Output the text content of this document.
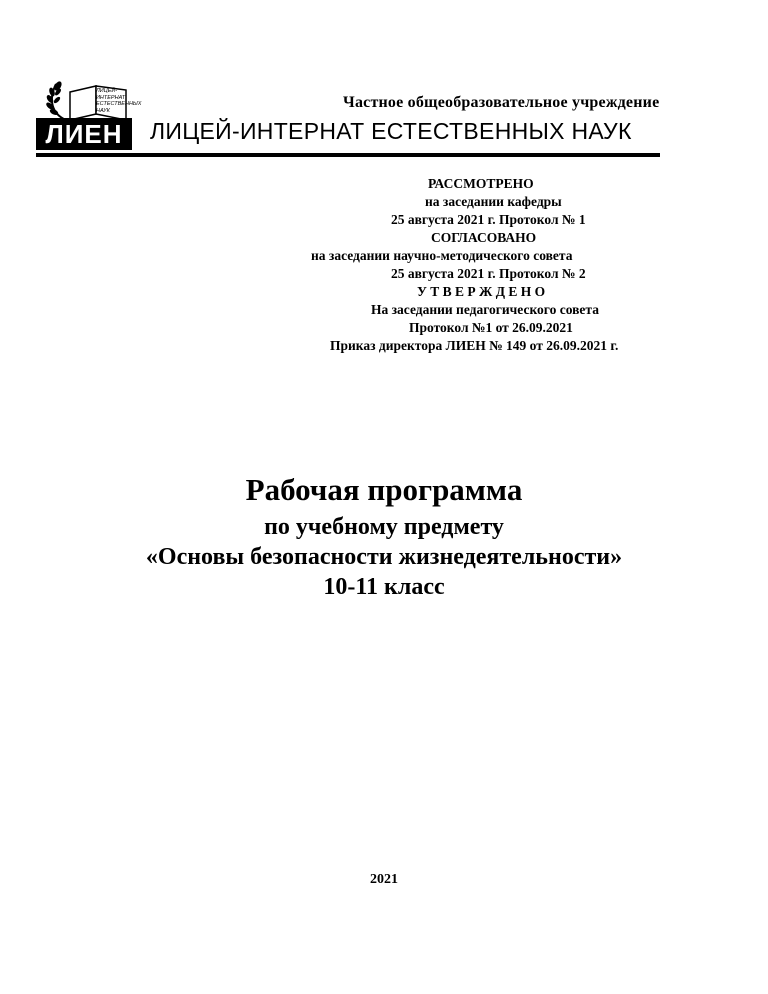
ЛИЦЕЙ-
ИНТЕРНАТ
ЕСТЕСТВЕННЫХ
НАУК
ЛИЕН
Частное общеобразовательное учреждение
ЛИЦЕЙ-ИНТЕРНАТ ЕСТЕСТВЕННЫХ НАУК
РАССМОТРЕНО
на заседании кафедры
25 августа 2021 г. Протокол № 1
СОГЛАСОВАНО
на заседании научно-методического совета
25 августа 2021 г. Протокол № 2
У Т В Е Р Ж Д Е Н О
На заседании педагогического совета
Протокол №1 от 26.09.2021
Приказ директора ЛИЕН № 149 от 26.09.2021 г.
Рабочая программа
по учебному предмету
«Основы безопасности жизнедеятельности»
10-11 класс
2021
